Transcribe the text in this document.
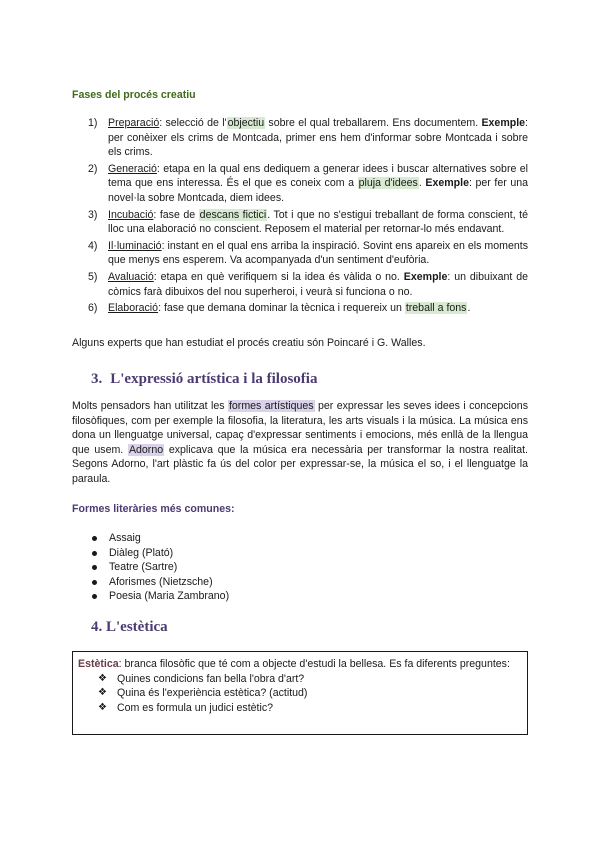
Fases del procés creatiu
1) Preparació: selecció de l'objectiu sobre el qual treballarem. Ens documentem. Exemple: per conèixer els crims de Montcada, primer ens hem d'informar sobre Montcada i sobre els crims.
2) Generació: etapa en la qual ens dediquem a generar idees i buscar alternatives sobre el tema que ens interessa. És el que es coneix com a pluja d'idees. Exemple: per fer una novel·la sobre Montcada, diem idees.
3) Incubació: fase de descans fictici. Tot i que no s'estigui treballant de forma conscient, té lloc una elaboració no conscient. Reposem el material per retornar-lo més endavant.
4) Il·luminació: instant en el qual ens arriba la inspiració. Sovint ens apareix en els moments que menys ens esperem. Va acompanyada d'un sentiment d'eufòria.
5) Avaluació: etapa en què verifiquem si la idea és vàlida o no. Exemple: un dibuixant de còmics farà dibuixos del nou superheroi, i veurà si funciona o no.
6) Elaboració: fase que demana dominar la tècnica i requereix un treball a fons.
Alguns experts que han estudiat el procés creatiu són Poincaré i G. Walles.
3. L'expressió artística i la filosofia
Molts pensadors han utilitzat les formes artístiques per expressar les seves idees i concepcions filosòfiques, com per exemple la filosofia, la literatura, les arts visuals i la música. La música ens dona un llenguatge universal, capaç d'expressar sentiments i emocions, més enllà de la llengua que usem. Adorno explicava que la música era necessària per transformar la nostra realitat. Segons Adorno, l'art plàstic fa ús del color per expressar-se, la música el so, i el llenguatge la paraula.
Formes literàries més comunes:
Assaig
Diàleg (Plató)
Teatre (Sartre)
Aforismes (Nietzsche)
Poesia (Maria Zambrano)
4. L'estètica
Estètica: branca filosòfic que té com a objecte d'estudi la bellesa. Es fa diferents preguntes:
❖ Quines condicions fan bella l'obra d'art?
❖ Quina és l'experiència estètica? (actitud)
❖ Com es formula un judici estètic?
